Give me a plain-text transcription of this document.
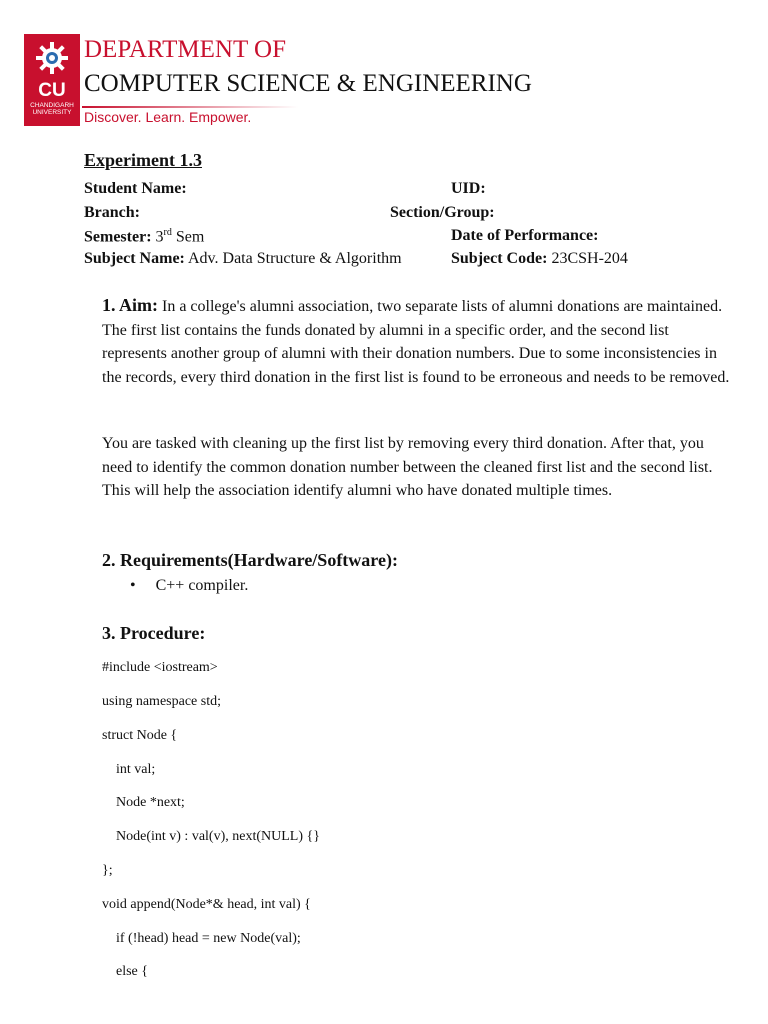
CU
CHANDIGARH
UNIVERSITY
DEPARTMENT OF
COMPUTER SCIENCE & ENGINEERING
Discover. Learn. Empower.
Experiment 1.3
Student Name:	UID:
Branch:	Section/Group:
Semester: 3rd Sem	Date of Performance:
Subject Name: Adv. Data Structure & Algorithm	Subject Code: 23CSH-204

1. Aim: In a college's alumni association, two separate lists of alumni donations are maintained. The first list contains the funds donated by alumni in a specific order, and the second list represents another group of alumni with their donation numbers. Due to some inconsistencies in the records, every third donation in the first list is found to be erroneous and needs to be removed.

You are tasked with cleaning up the first list by removing every third donation. After that, you need to identify the common donation number between the cleaned first list and the second list. This will help the association identify alumni who have donated multiple times.

2. Requirements(Hardware/Software):
•     C++ compiler.
3. Procedure:
#include <iostream>
using namespace std;
struct Node {
int val;
Node *next;
Node(int v) : val(v), next(NULL) {}
};
void append(Node*& head, int val) {
if (!head) head = new Node(val);
else {
